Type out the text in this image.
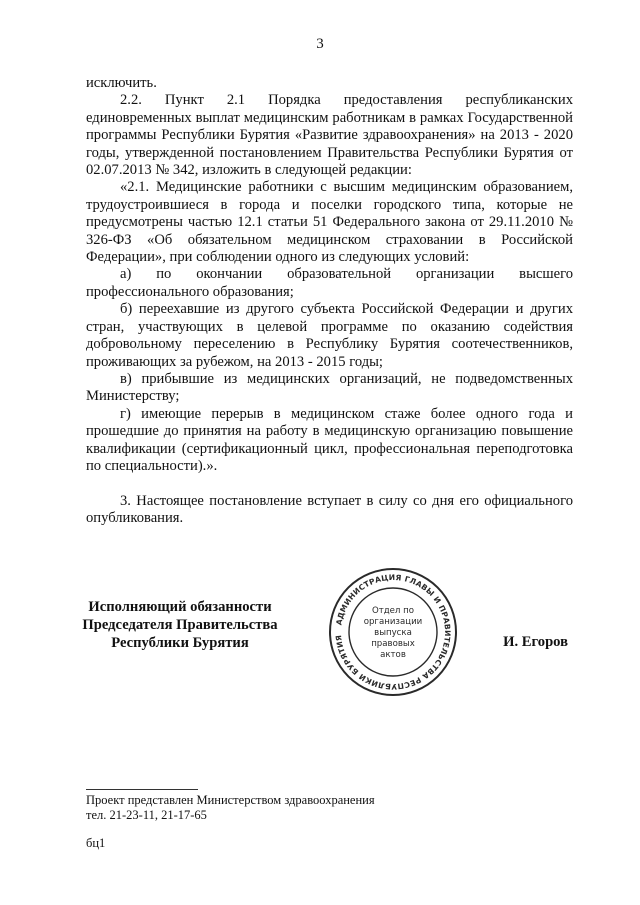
3

исключить.

2.2. Пункт 2.1 Порядка предоставления республиканских единовременных выплат медицинским работникам в рамках Государственной программы Республики Бурятия «Развитие здравоохранения» на 2013 - 2020 годы, утвержденной постановлением Правительства Республики Бурятия от 02.07.2013 № 342, изложить в следующей редакции:

«2.1. Медицинские работники с высшим медицинским образованием, трудоустроившиеся в города и поселки городского типа, которые не предусмотрены частью 12.1 статьи 51 Федерального закона от 29.11.2010 № 326-ФЗ «Об обязательном медицинском страховании в Российской Федерации», при соблюдении одного из следующих условий:

а) по окончании образовательной организации высшего профессионального образования;

б) переехавшие из другого субъекта Российской Федерации и других стран, участвующих в целевой программе по оказанию содействия добровольному переселению в Республику Бурятия соотечественников, проживающих за рубежом, на 2013 - 2015 годы;

в) прибывшие из медицинских организаций, не подведомственных Министерству;

г) имеющие перерыв в медицинском стаже более одного года и прошедшие до принятия на работу в медицинскую организацию повышение квалификации (сертификационный цикл, профессиональная переподготовка по специальности).».

3. Настоящее постановление вступает в силу со дня его официального опубликования.

Исполняющий обязанности
Председателя Правительства
Республики Бурятия
АДМИНИСТРАЦИЯ ГЛАВЫ И ПРАВИТЕЛЬСТВА РЕСПУБЛИКИ БУРЯТИЯ
Отдел по
организации
выпуска
правовых
актов
И. Егоров
Проект представлен Министерством здравоохранения
тел. 21-23-11, 21-17-65
бц1
